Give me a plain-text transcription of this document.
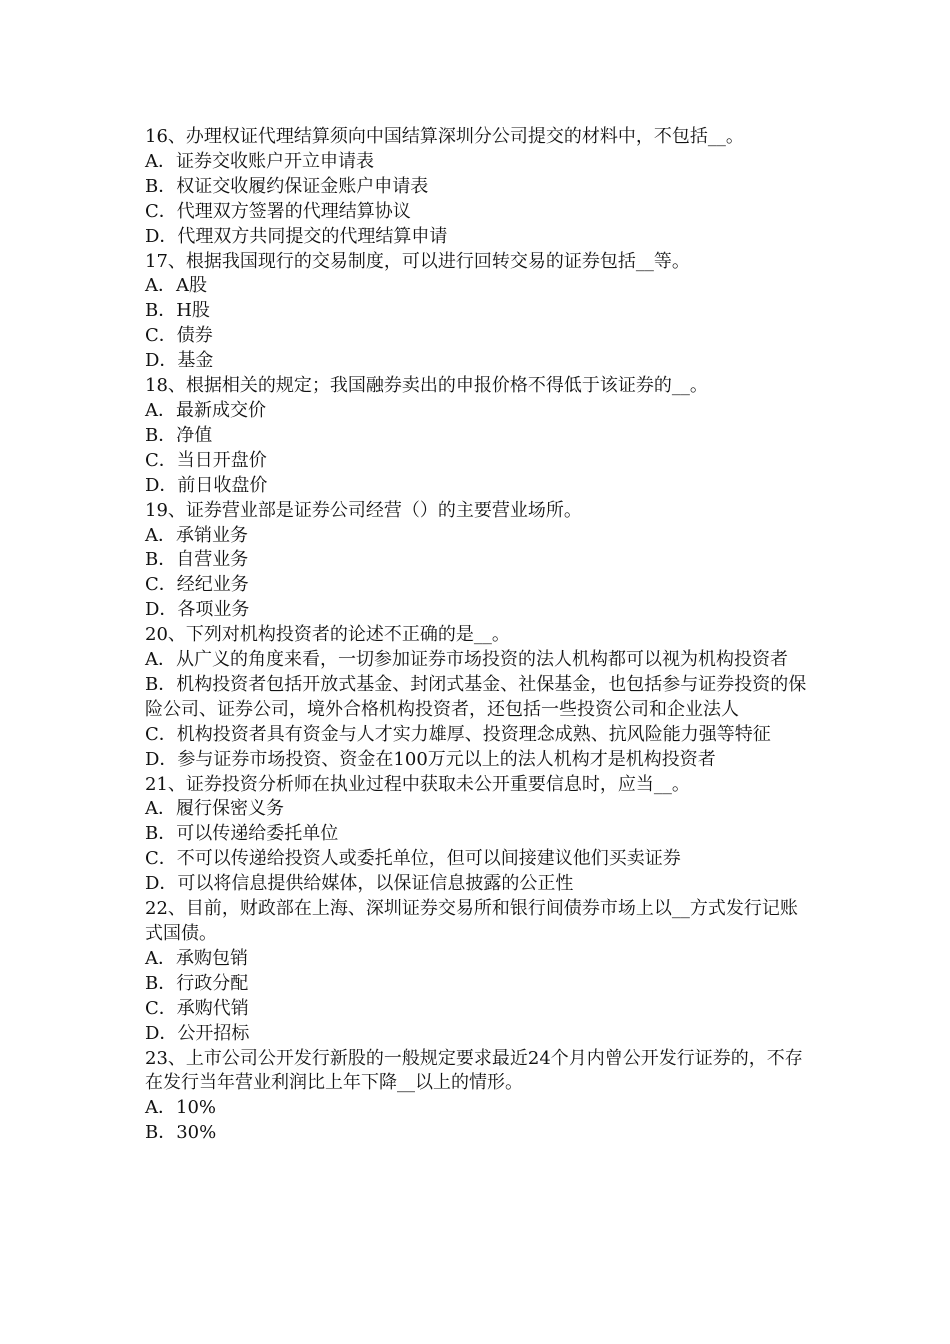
16、办理权证代理结算须向中国结算深圳分公司提交的材料中，不包括__。

A．证券交收账户开立申请表

B．权证交收履约保证金账户申请表

C．代理双方签署的代理结算协议

D．代理双方共同提交的代理结算申请

17、根据我国现行的交易制度，可以进行回转交易的证券包括__等。

A．A股

B．H股

C．债券

D．基金

18、根据相关的规定；我国融券卖出的申报价格不得低于该证券的__。

A．最新成交价

B．净值

C．当日开盘价

D．前日收盘价

19、证券营业部是证券公司经营（）的主要营业场所。

A．承销业务

B．自营业务

C．经纪业务

D．各项业务

20、下列对机构投资者的论述不正确的是__。

A．从广义的角度来看，一切参加证券市场投资的法人机构都可以视为机构投资者

B．机构投资者包括开放式基金、封闭式基金、社保基金，也包括参与证券投资的保险公司、证券公司，境外合格机构投资者，还包括一些投资公司和企业法人

C．机构投资者具有资金与人才实力雄厚、投资理念成熟、抗风险能力强等特征

D．参与证券市场投资、资金在100万元以上的法人机构才是机构投资者

21、证券投资分析师在执业过程中获取未公开重要信息时，应当__。

A．履行保密义务

B．可以传递给委托单位

C．不可以传递给投资人或委托单位，但可以间接建议他们买卖证券

D．可以将信息提供给媒体，以保证信息披露的公正性

22、目前，财政部在上海、深圳证券交易所和银行间债券市场上以__方式发行记账式国债。

A．承购包销

B．行政分配

C．承购代销

D．公开招标

23、上市公司公开发行新股的一般规定要求最近24个月内曾公开发行证券的，不存在发行当年营业利润比上年下降__以上的情形。

A．10%

B．30%
